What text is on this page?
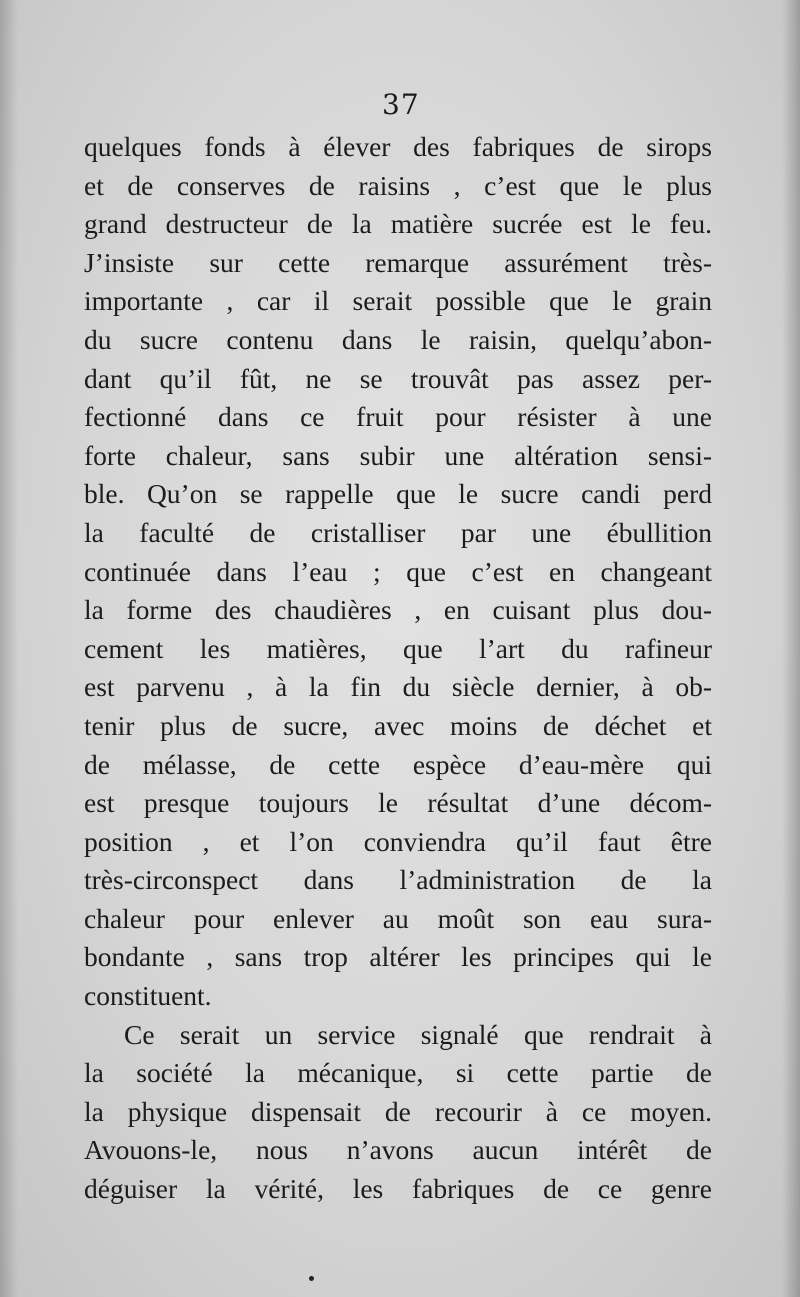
37
quelques fonds à élever des fabriques de sirops
et de conserves de raisins , c’est que le plus
grand destructeur de la matière sucrée est le feu.
J’insiste sur cette remarque assurément très-
importante , car il serait possible que le grain
du sucre contenu dans le raisin, quelqu’abon-
dant qu’il fût, ne se trouvât pas assez per-
fectionné dans ce fruit pour résister à une
forte chaleur, sans subir une altération sensi-
ble. Qu’on se rappelle que le sucre candi perd
la faculté de cristalliser par une ébullition
continuée dans l’eau ; que c’est en changeant
la forme des chaudières , en cuisant plus dou-
cement les matières, que l’art du rafineur
est parvenu , à la fin du siècle dernier, à ob-
tenir plus de sucre, avec moins de déchet et
de mélasse, de cette espèce d’eau-mère qui
est presque toujours le résultat d’une décom-
position , et l’on conviendra qu’il faut être
très-circonspect dans l’administration de la
chaleur pour enlever au moût son eau sura-
bondante , sans trop altérer les principes qui le
constituent.
Ce serait un service signalé que rendrait à
la société la mécanique, si cette partie de
la physique dispensait de recourir à ce moyen.
Avouons-le, nous n’avons aucun intérêt de
déguiser la vérité, les fabriques de ce genre
